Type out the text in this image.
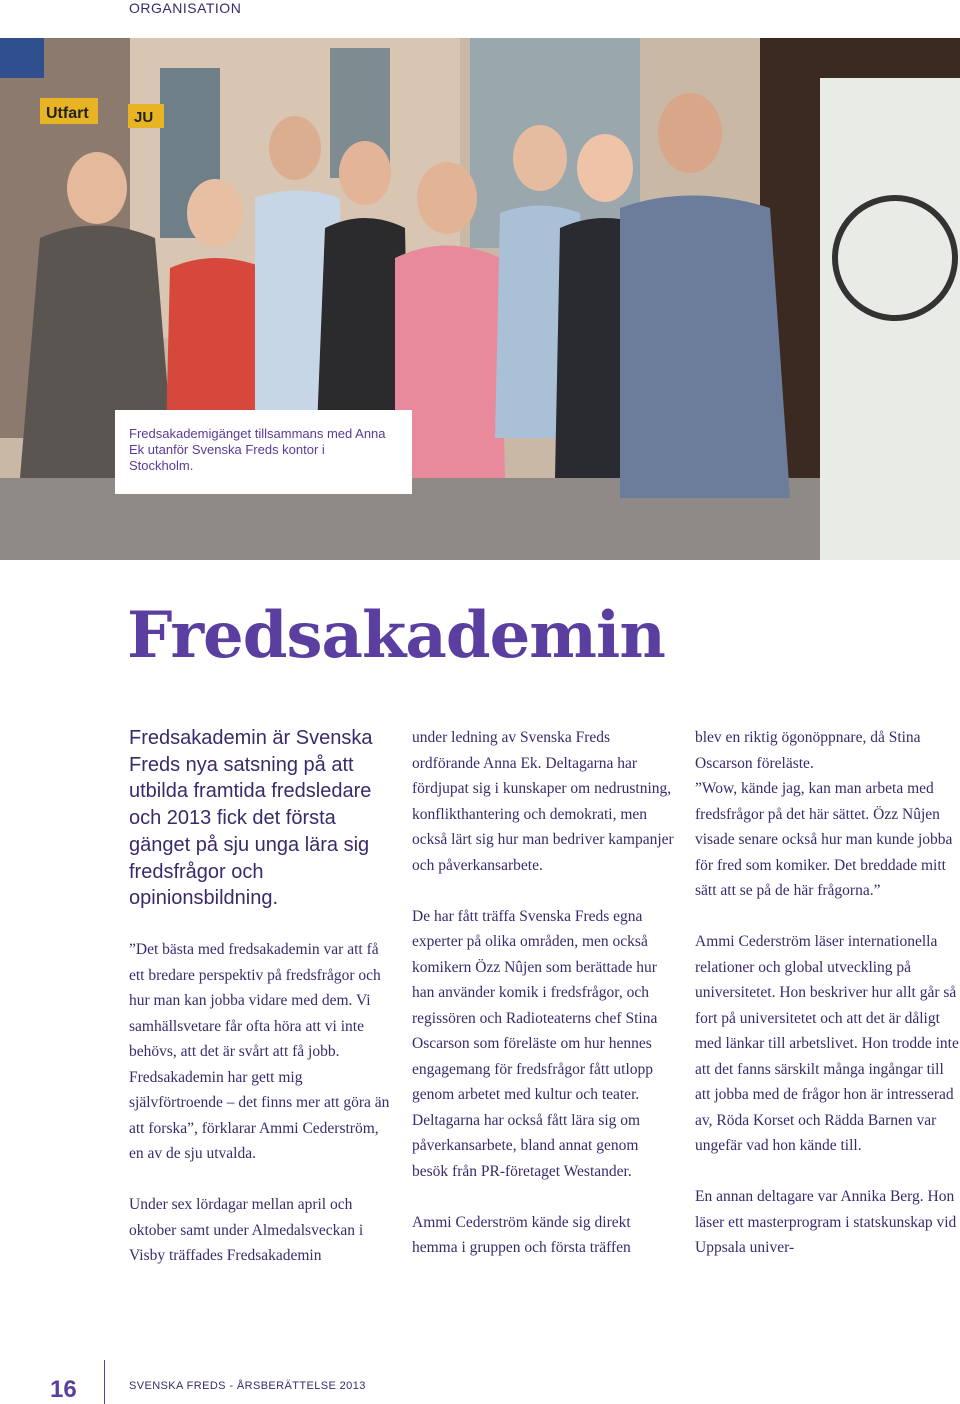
ORGANISATION
Utfart	JU
Fredsakademigänget tillsammans med Anna Ek utanför Svenska Freds kontor i Stockholm.
Fredsakademin

Fredsakademin är Svenska Freds nya satsning på att utbilda framtida fredsledare och 2013 fick det första gänget på sju unga lära sig fredsfrågor och opinionsbildning.

”Det bästa med fredsakademin var att få ett bredare perspektiv på fredsfrågor och hur man kan jobba vidare med dem. Vi samhällsvetare får ofta höra att vi inte behövs, att det är svårt att få jobb. Fredsakademin har gett mig självförtroende – det finns mer att göra än att forska”, förklarar Ammi Cederström, en av de sju utvalda.

Under sex lördagar mellan april och oktober samt under Almedalsveckan i Visby träffades Fredsakademin

under ledning av Svenska Freds ordförande Anna Ek. Deltagarna har fördjupat sig i kunskaper om nedrustning, konflikthantering och demokrati, men också lärt sig hur man bedriver kampanjer och påverkansarbete.

De har fått träffa Svenska Freds egna experter på olika områden, men också komikern Özz Nûjen som berättade hur han använder komik i fredsfrågor, och regissören och Radioteaterns chef Stina Oscarson som föreläste om hur hennes engagemang för fredsfrågor fått utlopp genom arbetet med kultur och teater. Deltagarna har också fått lära sig om påverkansarbete, bland annat genom besök från PR-företaget Westander.

Ammi Cederström kände sig direkt hemma i gruppen och första träffen

blev en riktig ögonöppnare, då Stina Oscarson föreläste.

”Wow, kände jag, kan man arbeta med fredsfrågor på det här sättet. Özz Nûjen visade senare också hur man kunde jobba för fred som komiker. Det breddade mitt sätt att se på de här frågorna.”

Ammi Cederström läser internationella relationer och global utveckling på universitetet. Hon beskriver hur allt går så fort på universitetet och att det är dåligt med länkar till arbetslivet. Hon trodde inte att det fanns särskilt många ingångar till att jobba med de frågor hon är intresserad av, Röda Korset och Rädda Barnen var ungefär vad hon kände till.

En annan deltagare var Annika Berg. Hon läser ett masterprogram i statskunskap vid Uppsala univer-

16	SVENSKA FREDS - ÅRSBERÄTTELSE 2013
